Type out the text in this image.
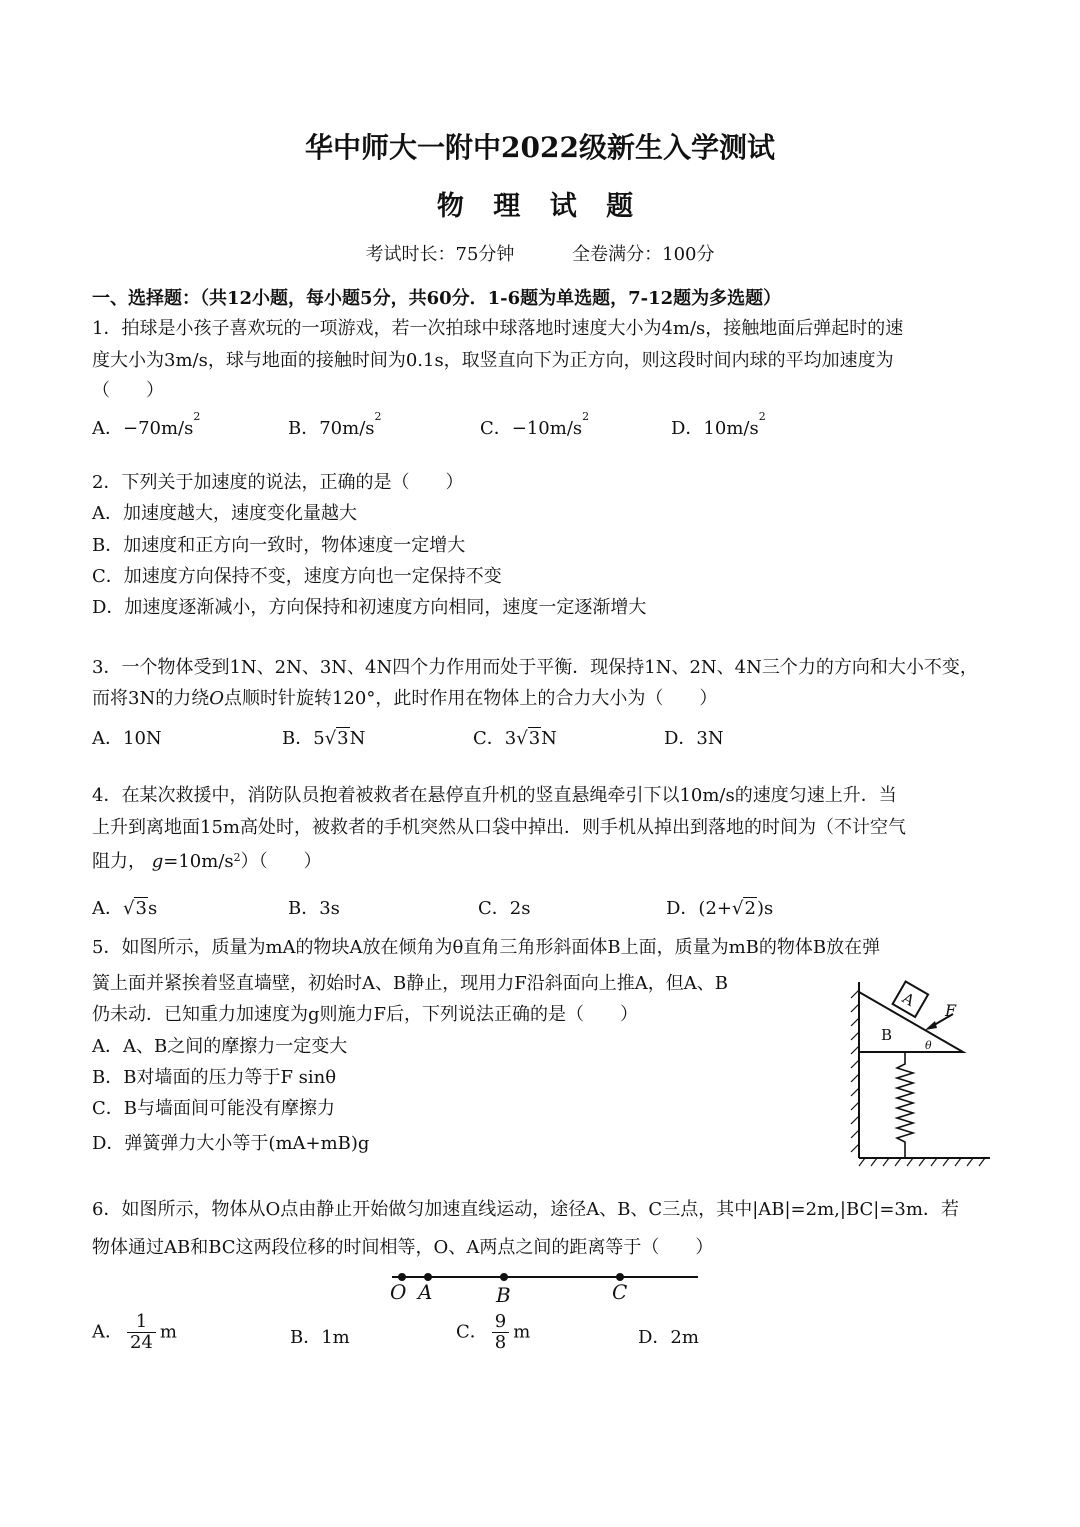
华中师大一附中2022级新生入学测试
物 理 试 题
考试时长：75分钟	全卷满分：100分
一、选择题：（共12小题，每小题5分，共60分．1-6题为单选题，7-12题为多选题）
1．拍球是小孩子喜欢玩的一项游戏，若一次拍球中球落地时速度大小为4m/s，接触地面后弹起时的速
度大小为3m/s，球与地面的接触时间为0.1s，取竖直向下为正方向，则这段时间内球的平均加速度为
（　　）
A．$-70m/s^2$
B．$70m/s^2$
C．$-10m/s^2$
D．$10m/s^2$
2．下列关于加速度的说法，正确的是（　　）
A．加速度越大，速度变化量越大
B．加速度和正方向一致时，物体速度一定增大
C．加速度方向保持不变，速度方向也一定保持不变
D．加速度逐渐减小，方向保持和初速度方向相同，速度一定逐渐增大
3．一个物体受到1N、2N、3N、4N四个力作用而处于平衡．现保持1N、2N、4N三个力的方向和大小不变，
而将3N的力绕O点顺时针旋转120°，此时作用在物体上的合力大小为（　　）
A．10N	B．5√3N	C．3√3N	D．3N
4．在某次救援中，消防队员抱着被救者在悬停直升机的竖直悬绳牵引下以10m/s的速度匀速上升．当
上升到离地面15m高处时，被救者的手机突然从口袋中掉出．则手机从掉出到落地的时间为（不计空气
阻力， $g=10m/s^2$）（　　）
A．√3s	B．3s	C．2s	D．(2+√2)s
5．如图所示，质量为mA的物块A放在倾角为θ直角三角形斜面体B上面，质量为mB的物体B放在弹
簧上面并紧挨着竖直墙壁，初始时A、B静止，现用力F沿斜面向上推A，但A、B
仍未动．已知重力加速度为g则施力F后，下列说法正确的是（　　）
A．A、B之间的摩擦力一定变大
B．B对墙面的压力等于F sinθ
C．B与墙面间可能没有摩擦力
D．弹簧弹力大小等于(mA+mB)g
A
F
B
θ
6．如图所示，物体从O点由静止开始做匀加速直线运动，途径A、B、C三点，其中|AB|=2m,|BC|=3m．若
物体通过AB和BC这两段位移的时间相等，O、A两点之间的距离等于（　　）
O A	B	C
A． $\frac{1}{24}$ m	B．1m	C． $\frac{9}{8}$ m	D．2m
